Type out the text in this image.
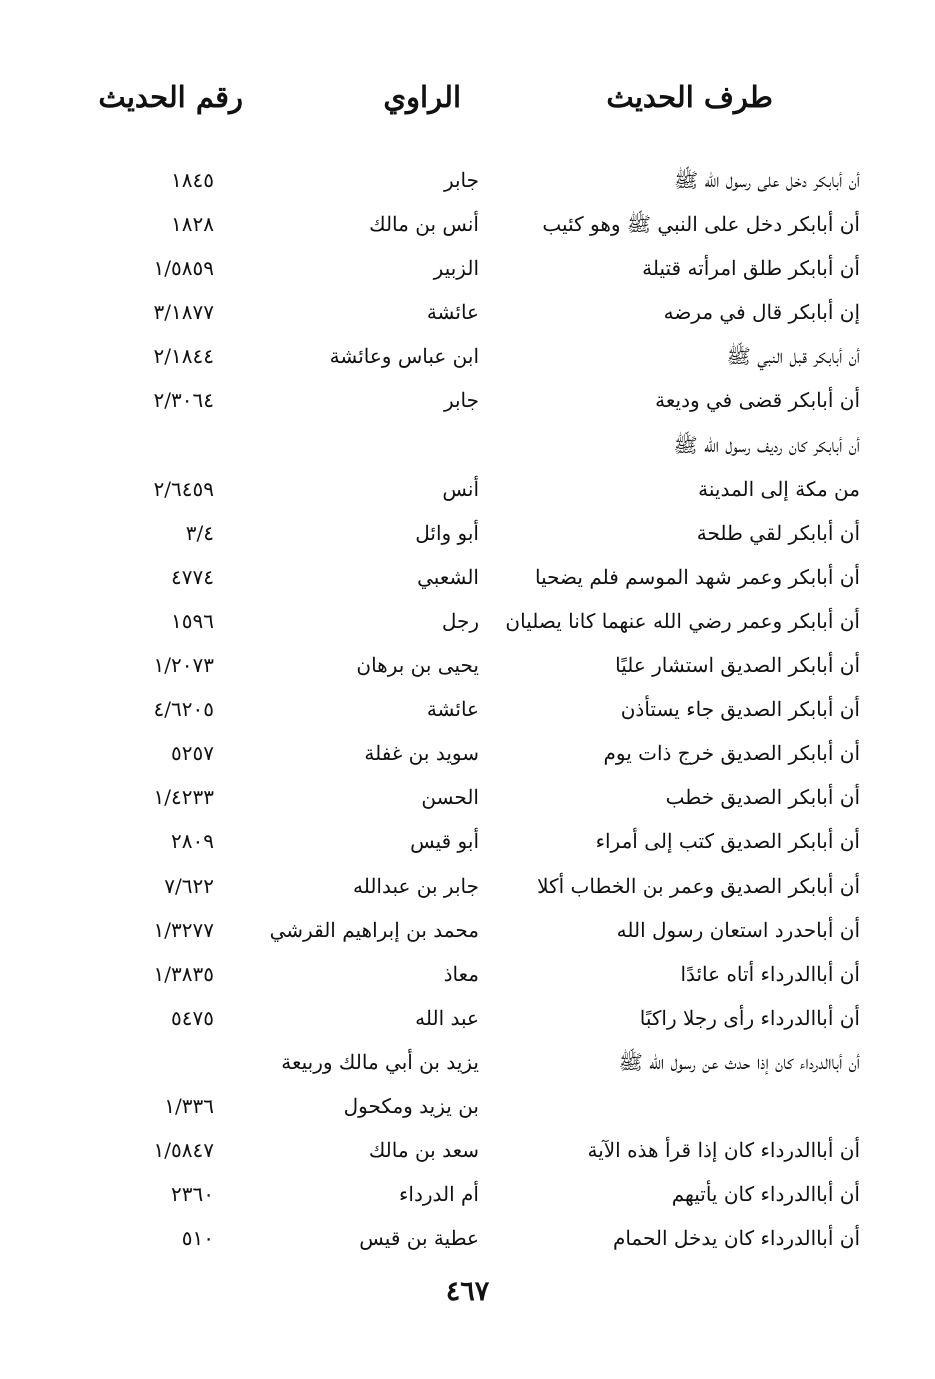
طرف الحديث
الراوي
رقم الحديث
أن أبابكر دخل على رسول الله ﷺ
جابر
١٨٤٥
أن أبابكر دخل على النبي ﷺ وهو كئيب
أنس بن مالك
١٨٢٨
أن أبابكر طلق امرأته قتيلة
الزبير
١/٥٨٥٩
إن أبابكر قال في مرضه
عائشة
٣/١٨٧٧
أن أبابكر قبل النبي ﷺ
ابن عباس وعائشة
٢/١٨٤٤
أن أبابكر قضى في وديعة
جابر
٢/٣٠٦٤
أن أبابكر كان رديف رسول الله ﷺ
من مكة إلى المدينة
أنس
٢/٦٤٥٩
أن أبابكر لقي طلحة
أبو وائل
٣/٤
أن أبابكر وعمر شهد الموسم فلم يضحيا
الشعبي
٤٧٧٤
أن أبابكر وعمر رضي الله عنهما كانا يصليان
رجل
١٥٩٦
أن أبابكر الصديق استشار عليًا
يحيى بن برهان
١/٢٠٧٣
أن أبابكر الصديق جاء يستأذن
عائشة
٤/٦٢٠٥
أن أبابكر الصديق خرج ذات يوم
سويد بن غفلة
٥٢٥٧
أن أبابكر الصديق خطب
الحسن
١/٤٢٣٣
أن أبابكر الصديق كتب إلى أمراء
أبو قيس
٢٨٠٩
أن أبابكر الصديق وعمر بن الخطاب أكلا
جابر بن عبدالله
٧/٦٢٢
أن أباحدرد استعان رسول الله
محمد بن إبراهيم القرشي
١/٣٢٧٧
أن أباالدرداء أتاه عائدًا
معاذ
١/٣٨٣٥
أن أباالدرداء رأى رجلا راكبًا
عبد الله
٥٤٧٥
أن أباالدرداء كان إذا حدث عن رسول الله ﷺ
يزيد بن أبي مالك وربيعة
بن يزيد ومكحول
١/٣٣٦
أن أباالدرداء كان إذا قرأ هذه الآية
سعد بن مالك
١/٥٨٤٧
أن أباالدرداء كان يأتيهم
أم الدرداء
٢٣٦٠
أن أباالدرداء كان يدخل الحمام
عطية بن قيس
٥١٠
٤٦٧
